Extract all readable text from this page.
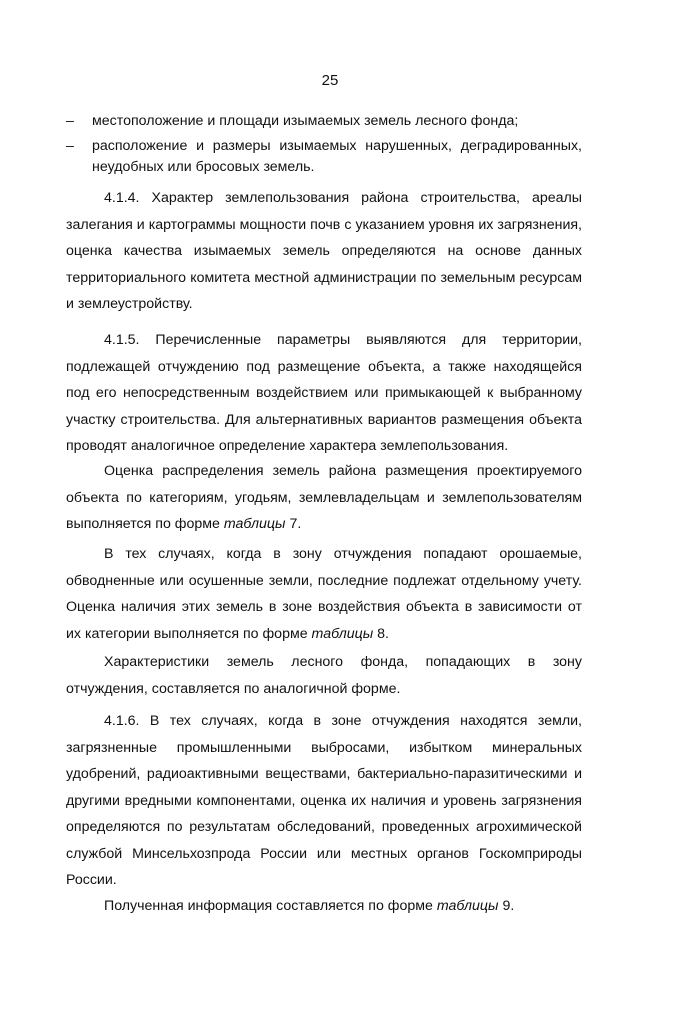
25
–	местоположение и площади изымаемых земель лесного фонда;
–	расположение и размеры изымаемых нарушенных, деградированных, неудобных или бросовых земель.
4.1.4. Характер землепользования района строительства, ареалы залегания и картограммы мощности почв с указанием уровня их загрязнения, оценка качества изымаемых земель определяются на основе данных территориального комитета местной администрации по земельным ресурсам и землеустройству.
4.1.5. Перечисленные параметры выявляются для территории, подлежащей отчуждению под размещение объекта, а также находящейся под его непосредственным воздействием или примыкающей к выбранному участку строительства. Для альтернативных вариантов размещения объекта проводят аналогичное определение характера землепользования.
Оценка распределения земель района размещения проектируемого объекта по категориям, угодьям, землевладельцам и землепользователям выполняется по форме таблицы 7.
В тех случаях, когда в зону отчуждения попадают орошаемые, обводненные или осушенные земли, последние подлежат отдельному учету. Оценка наличия этих земель в зоне воздействия объекта в зависимости от их категории выполняется по форме таблицы 8.
Характеристики земель лесного фонда, попадающих в зону отчуждения, составляется по аналогичной форме.
4.1.6. В тех случаях, когда в зоне отчуждения находятся земли, загрязненные промышленными выбросами, избытком минеральных удобрений, радиоактивными веществами, бактериально-паразитическими и другими вредными компонентами, оценка их наличия и уровень загрязнения определяются по результатам обследований, проведенных агрохимической службой Минсельхозпрода России или местных органов Госкомприроды России.
Полученная информация составляется по форме таблицы 9.
